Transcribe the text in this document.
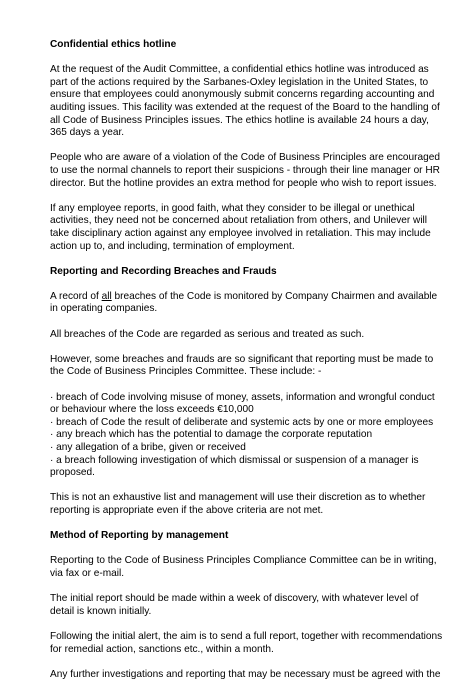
Confidential ethics hotline

At the request of the Audit Committee, a confidential ethics hotline was introduced as
part of the actions required by the Sarbanes-Oxley legislation in the United States, to
ensure that employees could anonymously submit concerns regarding accounting and
auditing issues. This facility was extended at the request of the Board to the handling of
all Code of Business Principles issues. The ethics hotline is available 24 hours a day,
365 days a year.

People who are aware of a violation of the Code of Business Principles are encouraged
to use the normal channels to report their suspicions - through their line manager or HR
director. But the hotline provides an extra method for people who wish to report issues.

If any employee reports, in good faith, what they consider to be illegal or unethical
activities, they need not be concerned about retaliation from others, and Unilever will
take disciplinary action against any employee involved in retaliation. This may include
action up to, and including, termination of employment.

Reporting and Recording Breaches and Frauds

A record of all breaches of the Code is monitored by Company Chairmen and available
in operating companies.

All breaches of the Code are regarded as serious and treated as such.

However, some breaches and frauds are so significant that reporting must be made to
the Code of Business Principles Committee. These include: -

· breach of Code involving misuse of money, assets, information and wrongful conduct
or behaviour where the loss exceeds €10,000
· breach of Code the result of deliberate and systemic acts by one or more employees
· any breach which has the potential to damage the corporate reputation
· any allegation of a bribe, given or received
· a breach following investigation of which dismissal or suspension of a manager is
proposed.

This is not an exhaustive list and management will use their discretion as to whether
reporting is appropriate even if the above criteria are not met.

Method of Reporting by management

Reporting to the Code of Business Principles Compliance Committee can be in writing,
via fax or e-mail.

The initial report should be made within a week of discovery, with whatever level of
detail is known initially.

Following the initial alert, the aim is to send a full report, together with recommendations
for remedial action, sanctions etc., within a month.

Any further investigations and reporting that may be necessary must be agreed with the
